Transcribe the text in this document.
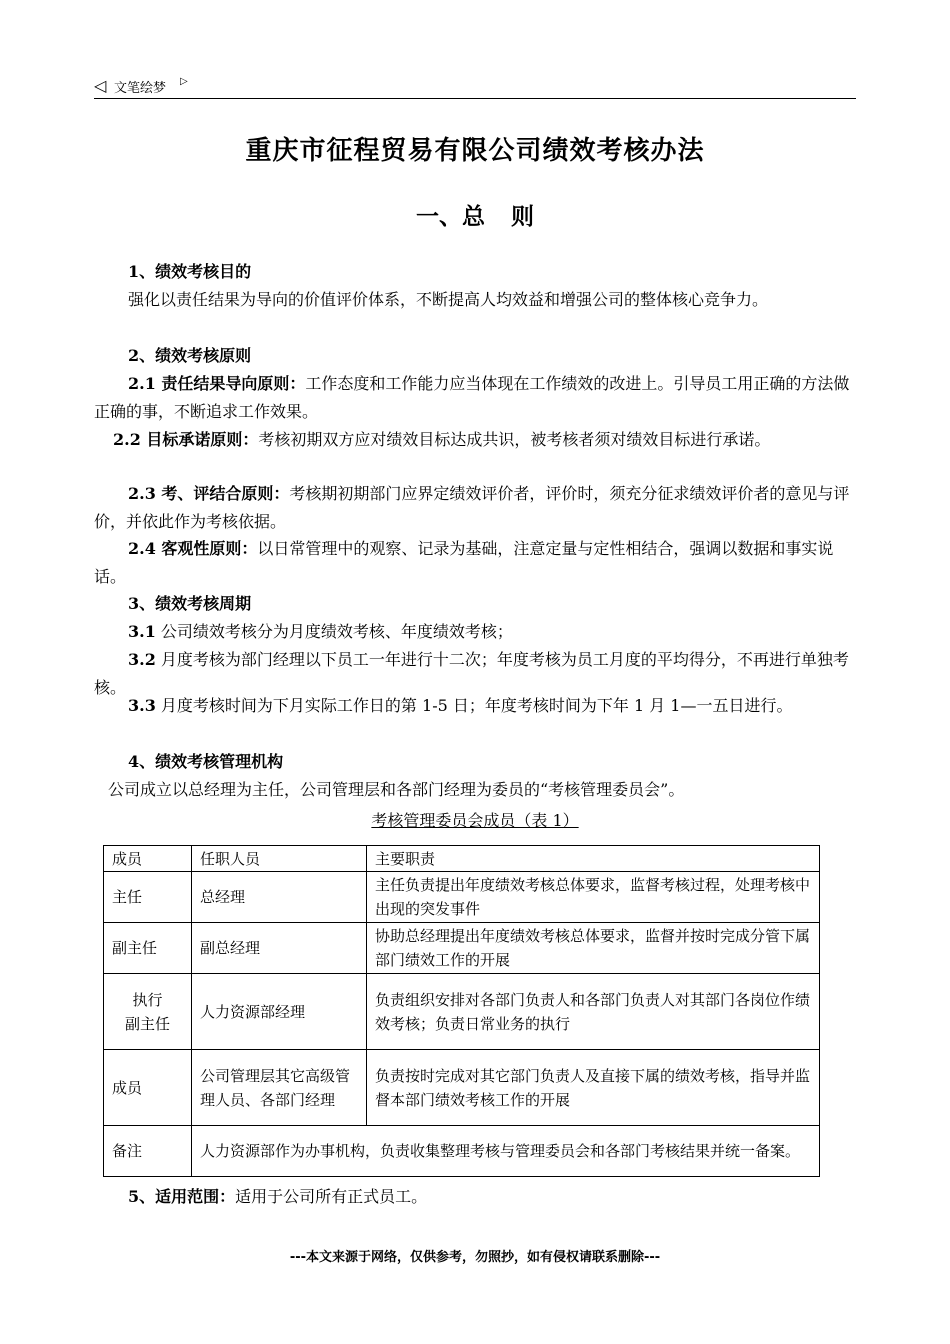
◁ 文笔绘梦 ▷
重庆市征程贸易有限公司绩效考核办法
一、总 则
1、绩效考核目的
强化以责任结果为导向的价值评价体系，不断提高人均效益和增强公司的整体核心竞争力。
2、绩效考核原则
2.1 责任结果导向原则：工作态度和工作能力应当体现在工作绩效的改进上。引导员工用正确的方法做正确的事，不断追求工作效果。
2.2 目标承诺原则：考核初期双方应对绩效目标达成共识，被考核者须对绩效目标进行承诺。
2.3 考、评结合原则：考核期初期部门应界定绩效评价者，评价时，须充分征求绩效评价者的意见与评价，并依此作为考核依据。
2.4 客观性原则：以日常管理中的观察、记录为基础，注意定量与定性相结合，强调以数据和事实说话。
3、绩效考核周期
3.1 公司绩效考核分为月度绩效考核、年度绩效考核；
3.2 月度考核为部门经理以下员工一年进行十二次；年度考核为员工月度的平均得分，不再进行单独考核。
3.3 月度考核时间为下月实际工作日的第 1-5 日；年度考核时间为下年 1 月 1—一五日进行。
4、绩效考核管理机构
公司成立以总经理为主任，公司管理层和各部门经理为委员的“考核管理委员会”。
考核管理委员会成员（表 1）
成员	任职人员	主要职责
主任	总经理	主任负责提出年度绩效考核总体要求，监督考核过程，处理考核中出现的突发事件
副主任	副总经理	协助总经理提出年度绩效考核总体要求，监督并按时完成分管下属部门绩效工作的开展
执行
副主任	人力资源部经理	负责组织安排对各部门负责人和各部门负责人对其部门各岗位作绩效考核；负责日常业务的执行
成员	公司管理层其它高级管理人员、各部门经理	负责按时完成对其它部门负责人及直接下属的绩效考核，指导并监督本部门绩效考核工作的开展
备注	人力资源部作为办事机构，负责收集整理考核与管理委员会和各部门考核结果并统一备案。	
5、适用范围：适用于公司所有正式员工。
---本文来源于网络，仅供参考，勿照抄，如有侵权请联系删除---
